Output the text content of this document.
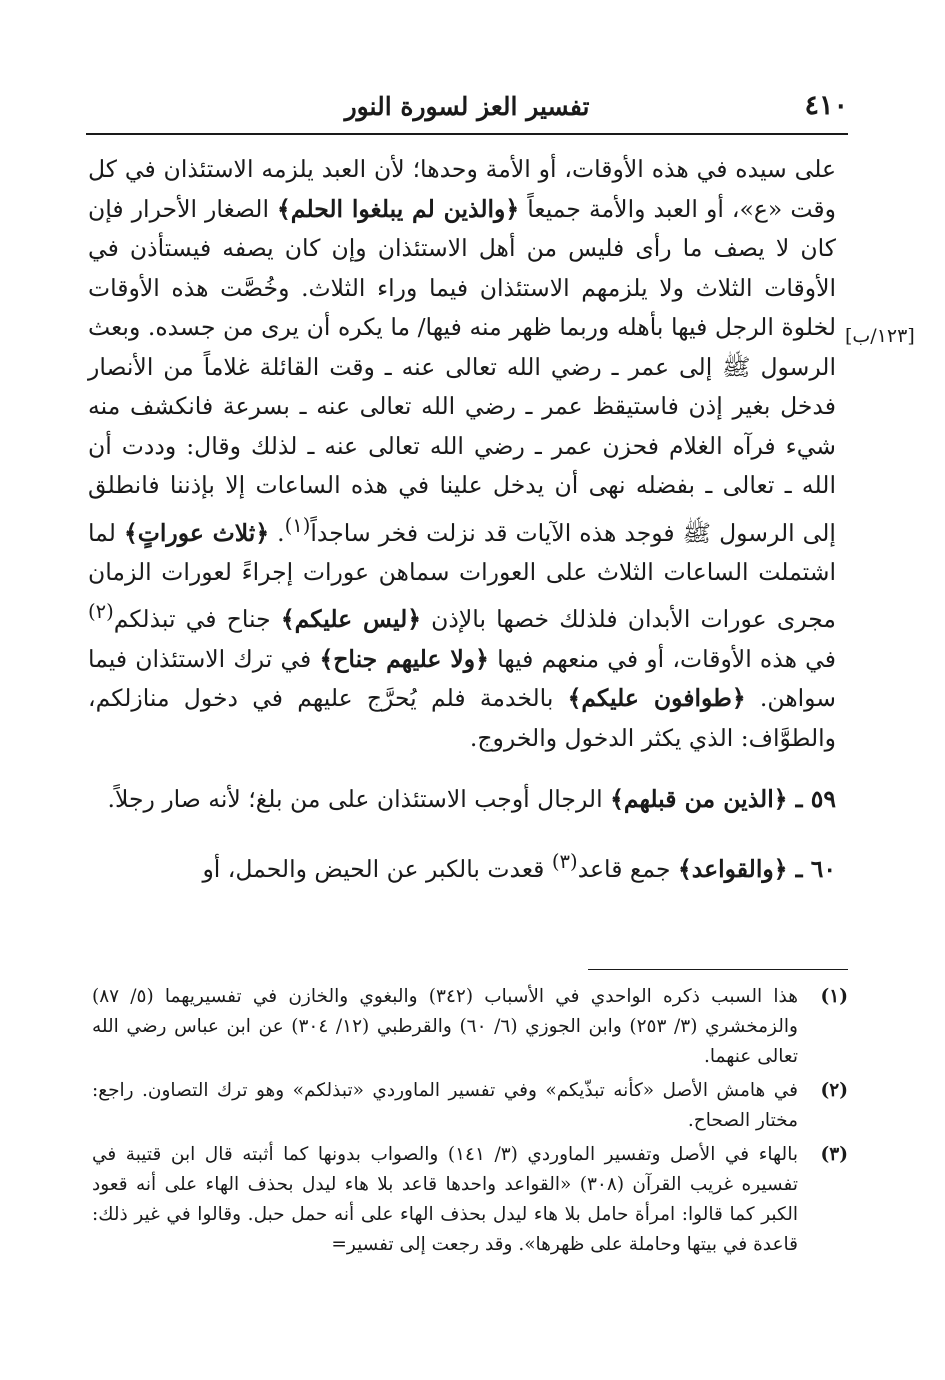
٤١٠
تفسير العز لسورة النور
[١٢٣/ب]

على سيده في هذه الأوقات، أو الأمة وحدها؛ لأن العبد يلزمه الاستئذان في كل وقت «ع»، أو العبد والأمة جميعاً ﴿والذين لم يبلغوا الحلم﴾ الصغار الأحرار فإن كان لا يصف ما رأى فليس من أهل الاستئذان وإن كان يصفه فيستأذن في الأوقات الثلاث ولا يلزمهم الاستئذان فيما وراء الثلاث. وخُصَّت هذه الأوقات لخلوة الرجل فيها بأهله وربما ظهر منه فيها/ ما يكره أن يرى من جسده. وبعث الرسول ﷺ إلى عمر ـ رضي الله تعالى عنه ـ وقت القائلة غلاماً من الأنصار فدخل بغير إذن فاستيقظ عمر ـ رضي الله تعالى عنه ـ بسرعة فانكشف منه شيء فرآه الغلام فحزن عمر ـ رضي الله تعالى عنه ـ لذلك وقال: وددت أن الله ـ تعالى ـ بفضله نهى أن يدخل علينا في هذه الساعات إلا بإذننا فانطلق إلى الرسول ﷺ فوجد هذه الآيات قد نزلت فخر ساجداً$^{(١)}$. ﴿ثلاث عوراتٍ﴾ لما اشتملت الساعات الثلاث على العورات سماهن عورات إجراءً لعورات الزمان مجرى عورات الأبدان فلذلك خصها بالإذن ﴿ليس عليكم﴾ جناح في تبذلكم$^{(٢)}$ في هذه الأوقات، أو في منعهم فيها ﴿ولا عليهم جناح﴾ في ترك الاستئذان فيما سواهن. ﴿طوافون عليكم﴾ بالخدمة فلم يُحرَّج عليهم في دخول منازلكم، والطوَّاف: الذي يكثر الدخول والخروج.

٥٩ ـ ﴿الذين من قبلهم﴾ الرجال أوجب الاستئذان على من بلغ؛ لأنه صار رجلاً.

٦٠ ـ ﴿والقواعد﴾ جمع قاعد$^{(٣)}$ قعدت بالكبر عن الحيض والحمل، أو

(١)
هذا السبب ذكره الواحدي في الأسباب (٣٤٢) والبغوي والخازن في تفسيريهما (٥/ ٨٧) والزمخشري (٣/ ٢٥٣) وابن الجوزي (٦/ ٦٠) والقرطبي (١٢/ ٣٠٤) عن ابن عباس رضي الله تعالى عنهما.
(٢)
في هامش الأصل «كأنه تبذّيكم» وفي تفسير الماوردي «تبذلكم» وهو ترك التصاون. راجع: مختار الصحاح.
(٣)
بالهاء في الأصل وتفسير الماوردي (٣/ ١٤١) والصواب بدونها كما أثبته قال ابن قتيبة في تفسيره غريب القرآن (٣٠٨) «القواعد واحدها قاعد بلا هاء ليدل بحذف الهاء على أنه قعود الكبر كما قالوا: امرأة حامل بلا هاء ليدل بحذف الهاء على أنه حمل حبل. وقالوا في غير ذلك: قاعدة في بيتها وحاملة على ظهرها». وقد رجعت إلى تفسير=
